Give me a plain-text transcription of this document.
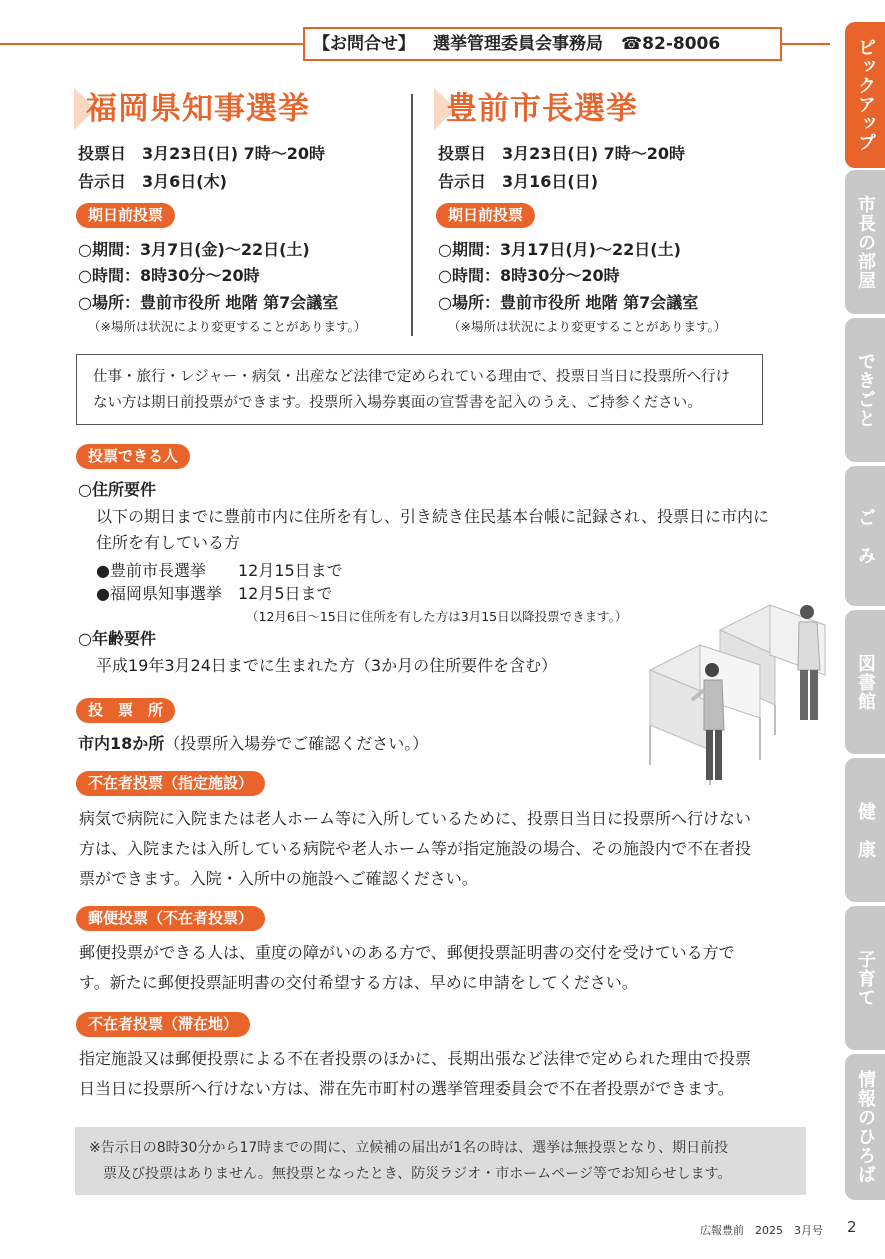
【お問合せ】 選挙管理委員会事務局 ☎82-8006	ピックアップ
市長の部屋
できごと
ご　み
図書館
健　康
子育て
情報のひろば
福岡県知事選挙
投票日　3月23日(日) 7時〜20時
告示日　3月6日(木)
期日前投票
○期間：3月7日(金)〜22日(土)
○時間：8時30分〜20時
○場所：豊前市役所 地階 第7会議室
（※場所は状況により変更することがあります。）
豊前市長選挙
投票日　3月23日(日) 7時〜20時
告示日　3月16日(日)
期日前投票
○期間：3月17日(月)〜22日(土)
○時間：8時30分〜20時
○場所：豊前市役所 地階 第7会議室
（※場所は状況により変更することがあります。）
仕事・旅行・レジャー・病気・出産など法律で定められている理由で、投票日当日に投票所へ行け
ない方は期日前投票ができます。投票所入場券裏面の宣誓書を記入のうえ、ご持参ください。
投票できる人
○住所要件
以下の期日までに豊前市内に住所を有し、引き続き住民基本台帳に記録され、投票日に市内に
住所を有している方
●豊前市長選挙　　12月15日まで
●福岡県知事選挙　12月5日まで
（12月6日〜15日に住所を有した方は3月15日以降投票できます。）
○年齢要件
平成19年3月24日までに生まれた方（3か月の住所要件を含む）
投　票　所
市内18か所（投票所入場券でご確認ください。）
不在者投票（指定施設）
病気で病院に入院または老人ホーム等に入所しているために、投票日当日に投票所へ行けない
方は、入院または入所している病院や老人ホーム等が指定施設の場合、その施設内で不在者投
票ができます。入院・入所中の施設へご確認ください。
郵便投票（不在者投票）
郵便投票ができる人は、重度の障がいのある方で、郵便投票証明書の交付を受けている方で
す。新たに郵便投票証明書の交付希望する方は、早めに申請をしてください。
不在者投票（滞在地）
指定施設又は郵便投票による不在者投票のほかに、長期出張など法律で定められた理由で投票
日当日に投票所へ行けない方は、滞在先市町村の選挙管理委員会で不在者投票ができます。
※告示日の8時30分から17時までの間に、立候補の届出が1名の時は、選挙は無投票となり、期日前投
票及び投票はありません。無投票となったとき、防災ラジオ・市ホームページ等でお知らせします。
広報豊前　2025　3月号 2
